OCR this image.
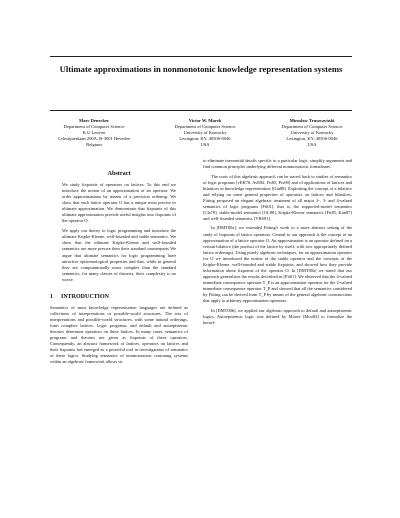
Ultimate approximations in nonmonotonic knowledge representation systems
Marc Denecker
Department of Computer Science
K.U.Leuven
Celestijnenlaan 200A, B-3001 Heverlee
Belgium
Victor W. Marek
Department of Computer Science
University of Kentucky
Lexington, KY, 40506-0046
USA
Mirosław Truszczyński
Department of Computer Science
University of Kentucky
Lexington, KY, 40506-0046
USA
Abstract

We study fixpoints of operators on lattices. To this end we introduce the notion of an approximation of an operator. We order approximations by means of a precision ordering. We show that each lattice operator O has a unique most precise or ultimate approximation. We demonstrate that fixpoints of this ultimate approximation provide useful insights into fixpoints of the operator O.

We apply our theory to logic programming and introduce the ultimate Kripke-Kleene, well-founded and stable semantics. We show that the ultimate Kripke-Kleene and well-founded semantics are more precise then their standard counterparts We argue that ultimate semantics for logic programming have attractive epistemological properties and that, while in general they are computationally more complex than the standard semantics, for many classes of theories, their complexity is no worse.

1 INTRODUCTION

Semantics of most knowledge representation languages are defined as collections of interpretations or possible-world structures. The sets of interpretations and possible-world structures, with some natural orderings, form complete lattices. Logic programs, and default and autoepistemic theories determine operators on these lattices. In many cases, semantics of programs and theories are given as fixpoints of these operators. Consequently, an abstract framework of lattices, operators on lattices and their fixpoints has emerged as a powerful tool in investigations of semantics of these logics. Studying semantics of nonmonotonic reasoning systems within an algebraic framework allows us

to eliminate inessential details specific to a particular logic, simplify arguments and find common principles underlying different nonmonotonic formalisms.

The roots of this algebraic approach can be traced back to studies of semantics of logic programs [vEK76, AvE82, Fit85, Prz90] and of applications of lattices and bilattices in knowledge representation [Gin88]. Exploiting the concept of a bilattice and relying on some general properties of operators on lattices and bilattices, Fitting proposed an elegant algebraic treatment of all major 2-, 3- and 4-valued semantics of logic programs [Fit01], that is, the supported-model semantics [Cla78], stable-model semantics [GL88], Kripke-Kleene semantics [Fit85, Kun87] and well-founded semantics [VRS91].

In [DMT00a], we extended Fitting's work to a more abstract setting of the study of fixpoints of lattice operators. Central to our approach is the concept of an approximation of a lattice operator O. An approximation is an operator defined on a certain bilattice (the product of the lattice by itself, with two appropriately defined lattice orderings). Using purely algebraic techniques, for an approximation operator for O we introduced the notion of the stable operator and the concepts of the Kripke-Kleene, well-founded and stable fixpoints, and showed how they provide information about fixpoints of the operator O. In [DMT00a] we noted that our approach generalizes the results described in [Fit01]. We observed that the 4-valued immediate consequence operator T_P is an approximation operator for the 2-valued immediate consequence operator T_P and showed that all the semantics considered by Fitting can be derived from T_P by means of the general algebraic constructions that apply to arbitrary approximation operators.

In [DMT00b], we applied our algebraic approach to default and autoepistemic logics. Autoepistemic logic was defined by Moore [Moo84] to formalize the knowl-
